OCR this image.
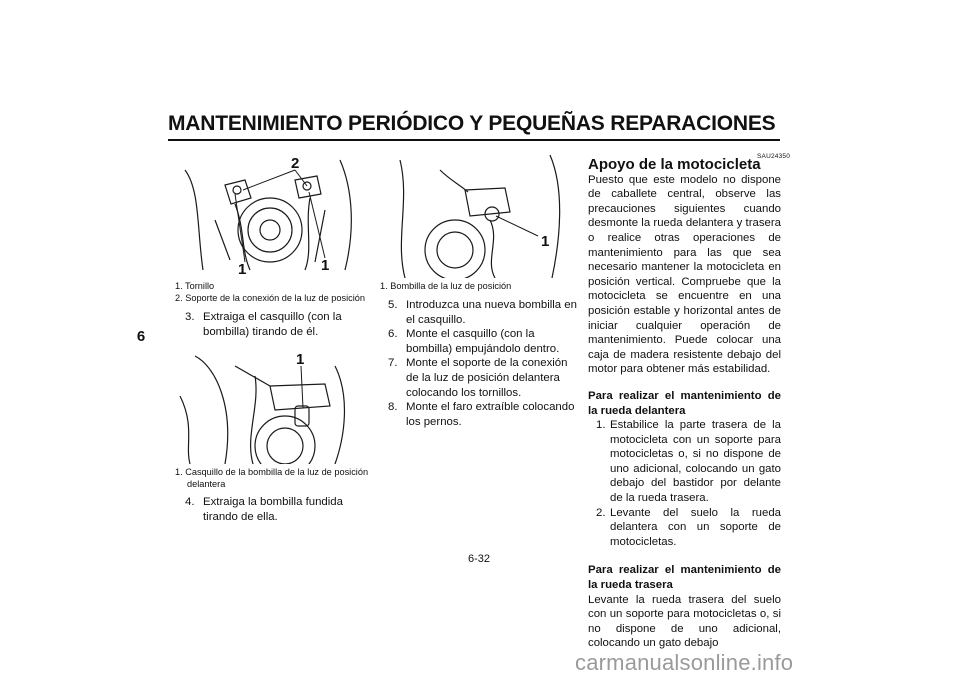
MANTENIMIENTO PERIÓDICO Y PEQUEÑAS REPARACIONES
6
2
1	1
1. Tornillo
2. Soporte de la conexión de la luz de posición
3. Extraiga el casquillo (con la bombilla) tirando de él.
1
1. Casquillo de la bombilla de la luz de posición
delantera
4. Extraiga la bombilla fundida tirando de ella.
1
1. Bombilla de la luz de posición
5. Introduzca una nueva bombilla en el casquillo.
6. Monte el casquillo (con la bombilla) empujándolo dentro.
7. Monte el soporte de la conexión de la luz de posición delantera colocando los tornillos.
8. Monte el faro extraíble colocando los pernos.
SAU24350
Apoyo de la motocicleta
Puesto que este modelo no dispone de caballete central, observe las precauciones siguientes cuando desmonte la rueda delantera y trasera o realice otras operaciones de mantenimiento para las que sea necesario mantener la motocicleta en posición vertical. Compruebe que la motocicleta se encuentre en una posición estable y horizontal antes de iniciar cualquier operación de mantenimiento. Puede colocar una caja de madera resistente debajo del motor para obtener más estabilidad.
Para realizar el mantenimiento de la rueda delantera
1. Estabilice la parte trasera de la motocicleta con un soporte para motocicletas o, si no dispone de uno adicional, colocando un gato debajo del bastidor por delante de la rueda trasera.
2. Levante del suelo la rueda delantera con un soporte de motocicletas.
Para realizar el mantenimiento de la rueda trasera
Levante la rueda trasera del suelo con un soporte para motocicletas o, si no dispone de uno adicional, colocando un gato debajo
6-32
carmanualsonline.info
